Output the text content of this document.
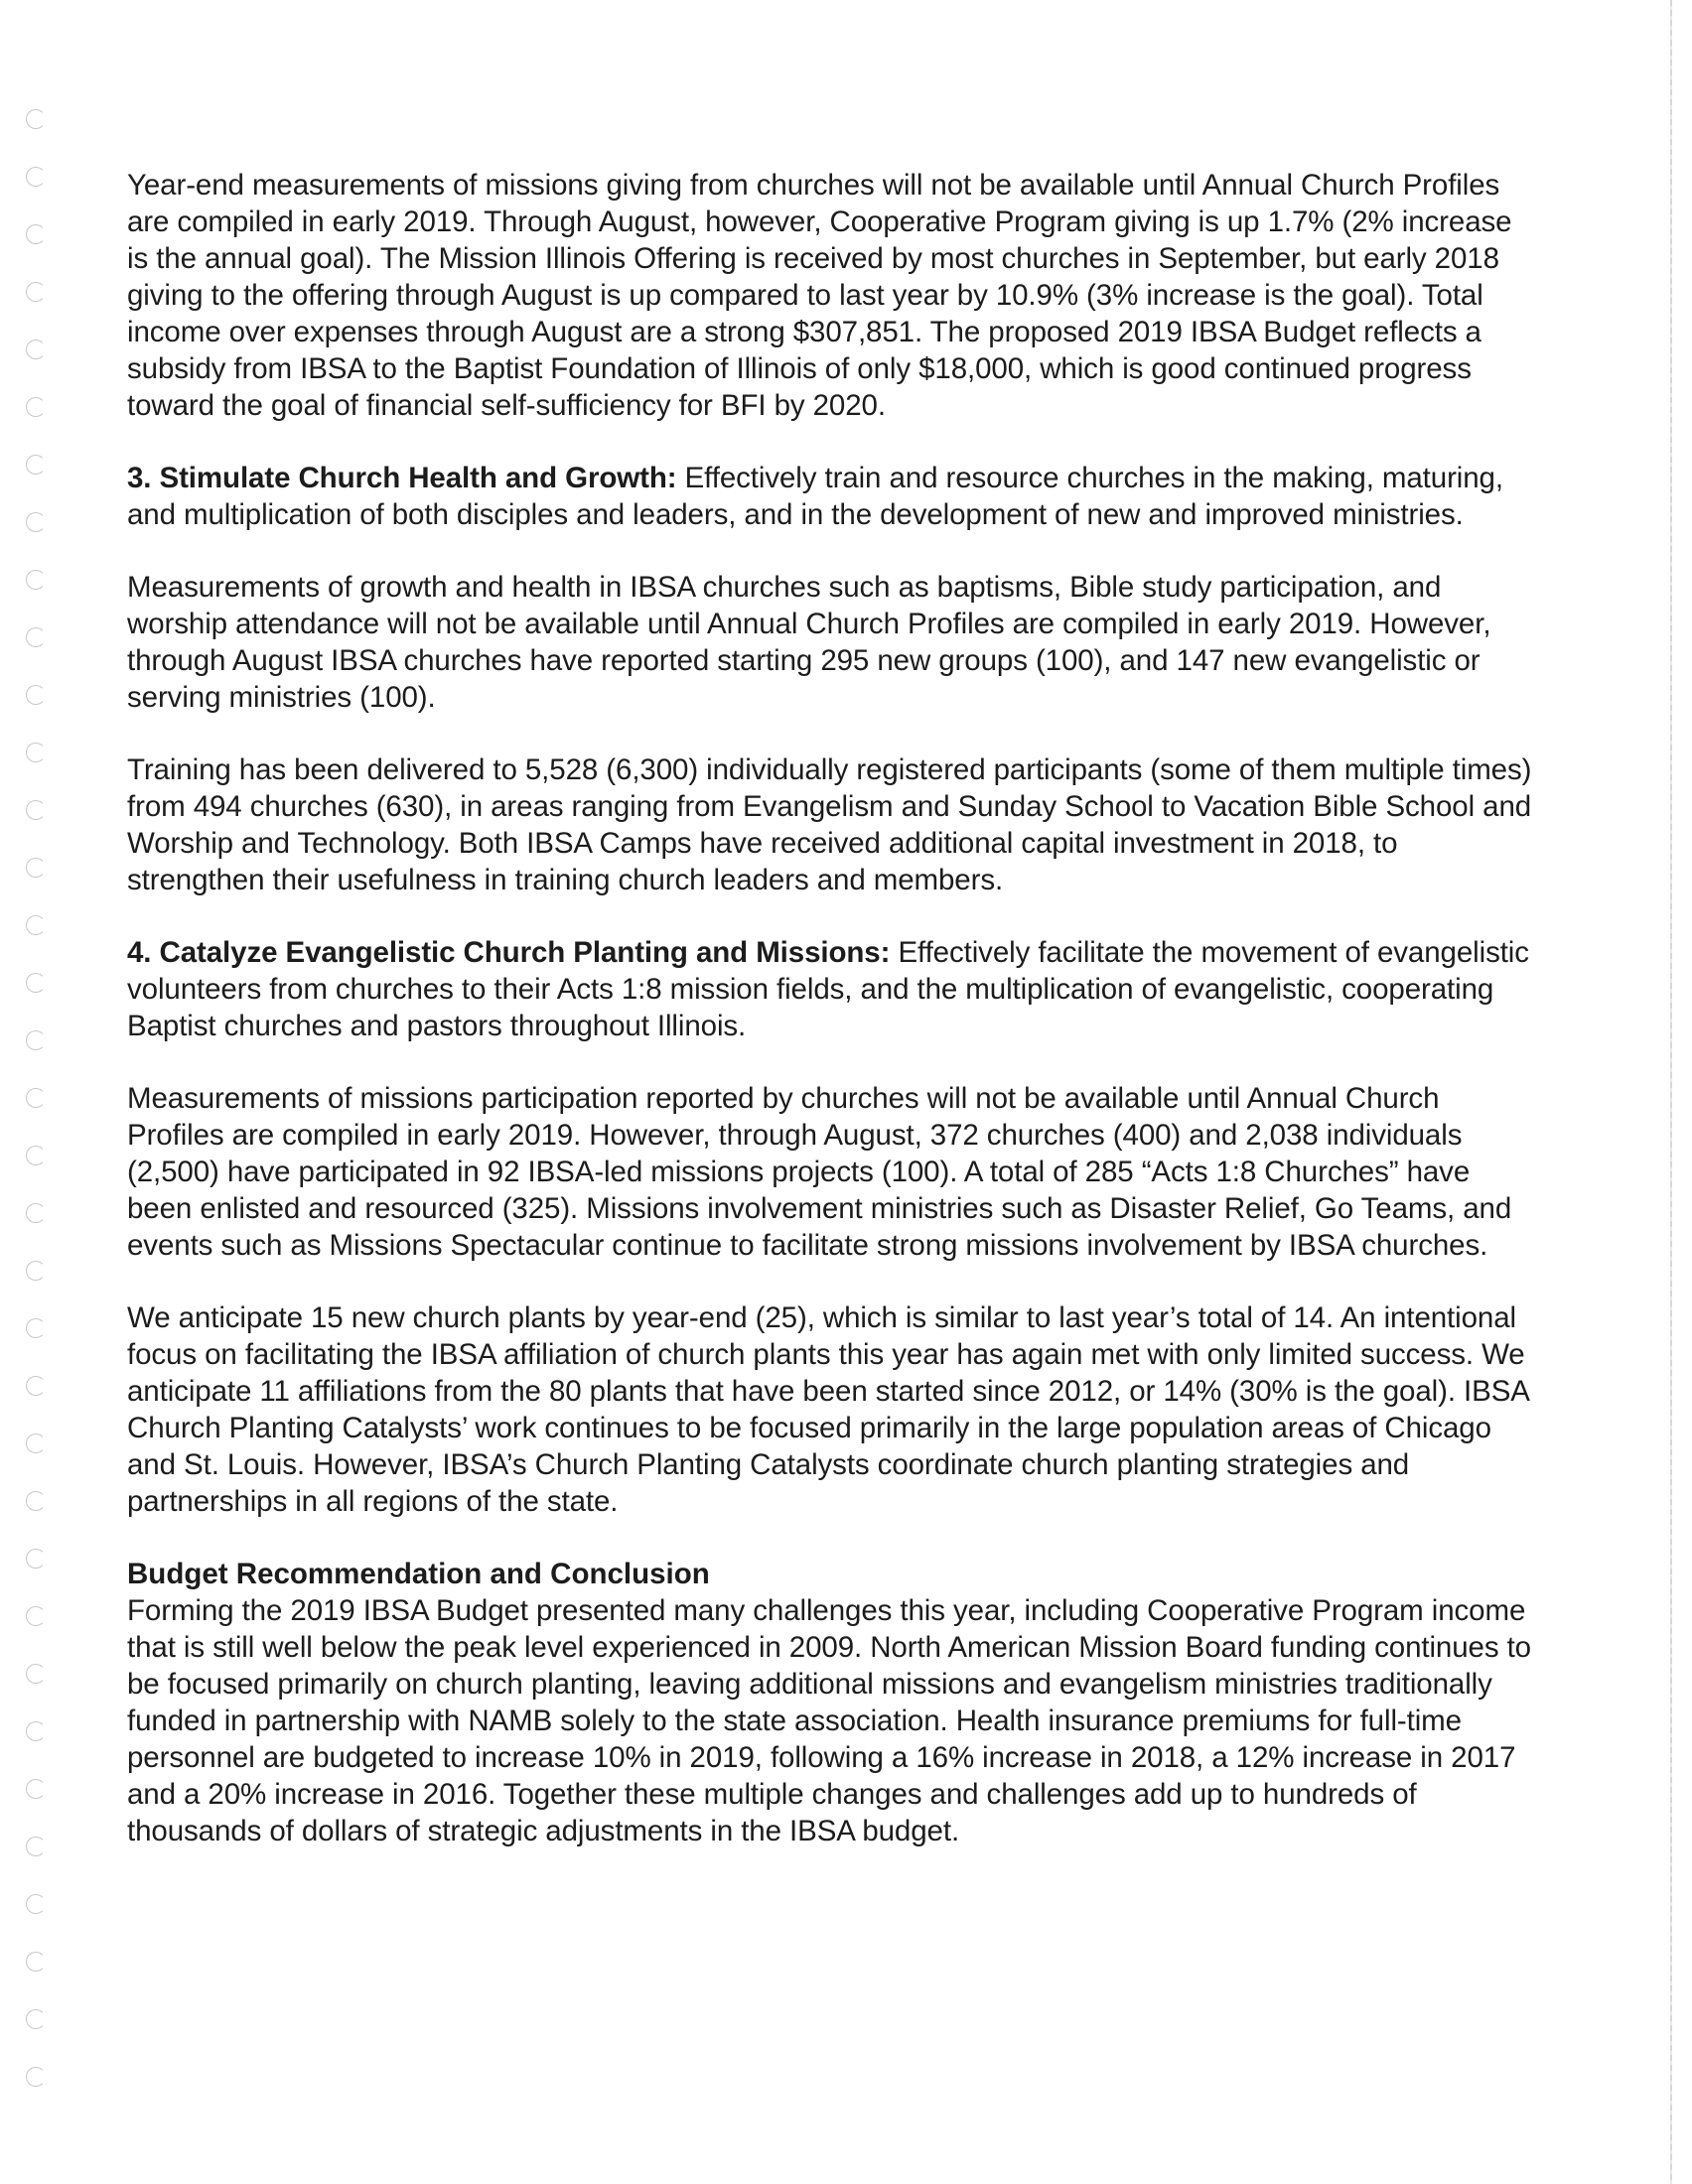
Year-end measurements of missions giving from churches will not be available until Annual Church Profiles are compiled in early 2019. Through August, however, Cooperative Program giving is up 1.7% (2% increase is the annual goal). The Mission Illinois Offering is received by most churches in September, but early 2018 giving to the offering through August is up compared to last year by 10.9% (3% increase is the goal). Total income over expenses through August are a strong $307,851. The proposed 2019 IBSA Budget reflects a subsidy from IBSA to the Baptist Foundation of Illinois of only $18,000, which is good continued progress toward the goal of financial self-sufficiency for BFI by 2020.

3. Stimulate Church Health and Growth: Effectively train and resource churches in the making, maturing, and multiplication of both disciples and leaders, and in the development of new and improved ministries.

Measurements of growth and health in IBSA churches such as baptisms, Bible study participation, and worship attendance will not be available until Annual Church Profiles are compiled in early 2019. However, through August IBSA churches have reported starting 295 new groups (100), and 147 new evangelistic or serving ministries (100).

Training has been delivered to 5,528 (6,300) individually registered participants (some of them multiple times) from 494 churches (630), in areas ranging from Evangelism and Sunday School to Vacation Bible School and Worship and Technology. Both IBSA Camps have received additional capital investment in 2018, to strengthen their usefulness in training church leaders and members.

4. Catalyze Evangelistic Church Planting and Missions: Effectively facilitate the movement of evangelistic volunteers from churches to their Acts 1:8 mission fields, and the multiplication of evangelistic, cooperating Baptist churches and pastors throughout Illinois.

Measurements of missions participation reported by churches will not be available until Annual Church Profiles are compiled in early 2019. However, through August, 372 churches (400) and 2,038 individuals (2,500) have participated in 92 IBSA-led missions projects (100). A total of 285 “Acts 1:8 Churches” have been enlisted and resourced (325). Missions involvement ministries such as Disaster Relief, Go Teams, and events such as Missions Spectacular continue to facilitate strong missions involvement by IBSA churches.

We anticipate 15 new church plants by year-end (25), which is similar to last year’s total of 14. An intentional focus on facilitating the IBSA affiliation of church plants this year has again met with only limited success. We anticipate 11 affiliations from the 80 plants that have been started since 2012, or 14% (30% is the goal). IBSA Church Planting Catalysts’ work continues to be focused primarily in the large population areas of Chicago and St. Louis. However, IBSA’s Church Planting Catalysts coordinate church planting strategies and partnerships in all regions of the state.

Budget Recommendation and Conclusion

Forming the 2019 IBSA Budget presented many challenges this year, including Cooperative Program income that is still well below the peak level experienced in 2009. North American Mission Board funding continues to be focused primarily on church planting, leaving additional missions and evangelism ministries traditionally funded in partnership with NAMB solely to the state association. Health insurance premiums for full-time personnel are budgeted to increase 10% in 2019, following a 16% increase in 2018, a 12% increase in 2017 and a 20% increase in 2016. Together these multiple changes and challenges add up to hundreds of thousands of dollars of strategic adjustments in the IBSA budget.
